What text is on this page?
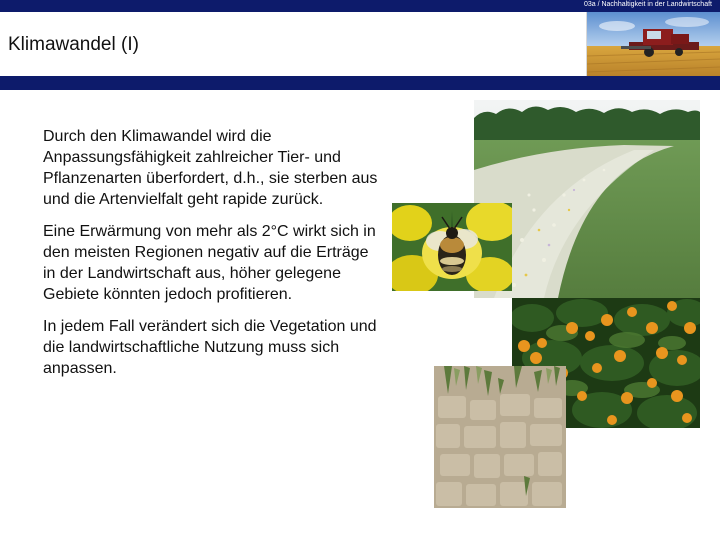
03a / Nachhaltigkeit in der Landwirtschaft
Klimawandel (I)

Durch den Klimawandel wird die Anpassungsfähigkeit zahlreicher Tier- und Pflanzenarten überfordert, d.h., sie sterben aus und die Artenvielfalt geht rapide zurück.

Eine Erwärmung von mehr als 2°C wirkt sich in den meisten Regionen negativ auf die Erträge in der Landwirtschaft aus, höher gelegene Gebiete könnten jedoch profitieren.

In jedem Fall verändert sich die Vegetation und die landwirtschaftliche Nutzung muss sich anpassen.
